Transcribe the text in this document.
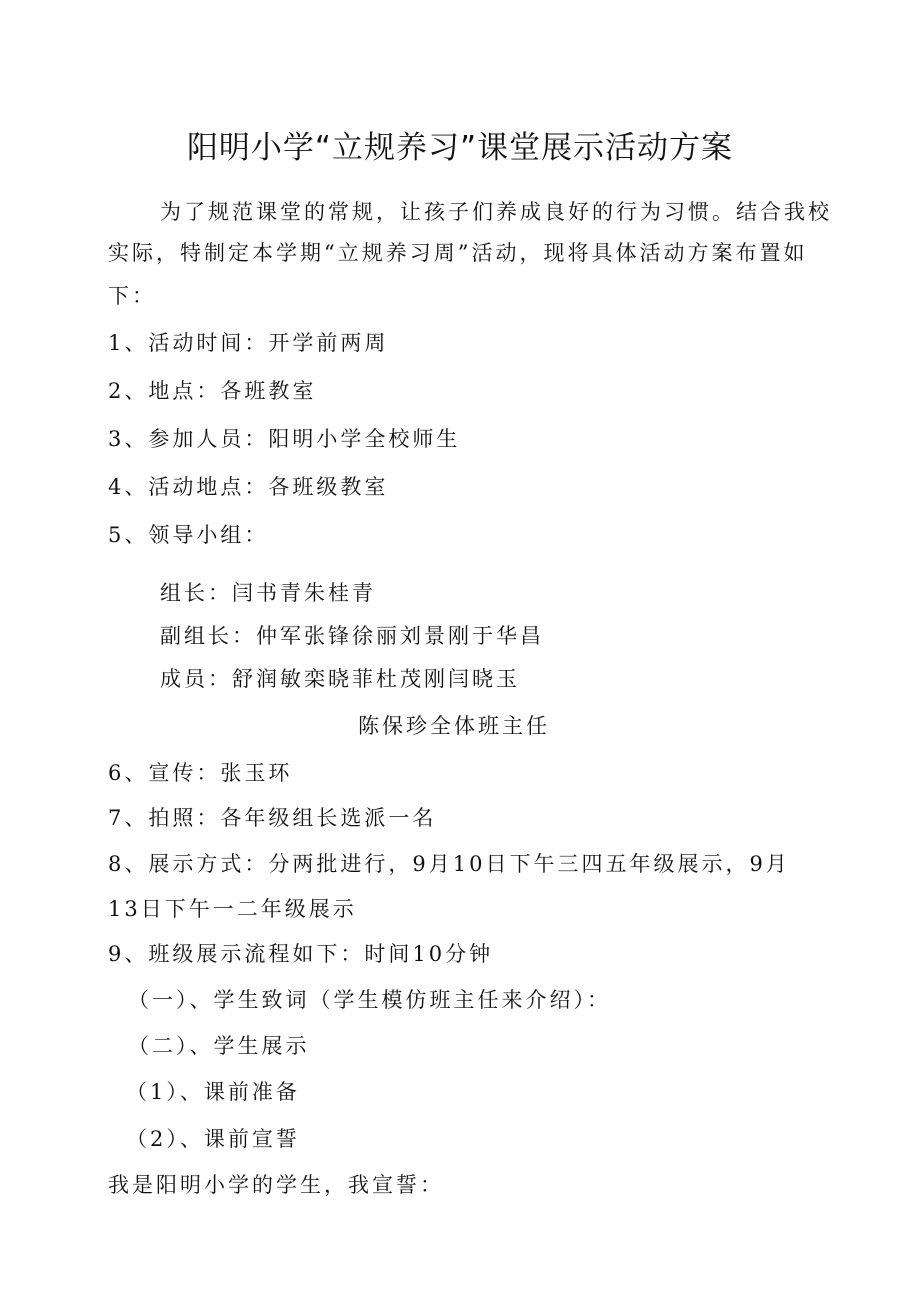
阳明小学“立规养习”课堂展示活动方案
为了规范课堂的常规，让孩子们养成良好的行为习惯。结合我校
实际，特制定本学期“立规养习周”活动，现将具体活动方案布置如
下：
1、活动时间：开学前两周
2、地点：各班教室
3、参加人员：阳明小学全校师生
4、活动地点：各班级教室
5、领导小组：
组长：闫书青朱桂青
副组长：仲军张锋徐丽刘景刚于华昌
成员：舒润敏栾晓菲杜茂刚闫晓玉
陈保珍全体班主任
6、宣传：张玉环
7、拍照：各年级组长选派一名
8、展示方式：分两批进行，9月10日下午三四五年级展示，9月
13日下午一二年级展示
9、班级展示流程如下：时间10分钟
（一）、学生致词（学生模仿班主任来介绍）：
（二）、学生展示
（1）、课前准备
（2）、课前宣誓
我是阳明小学的学生，我宣誓：
